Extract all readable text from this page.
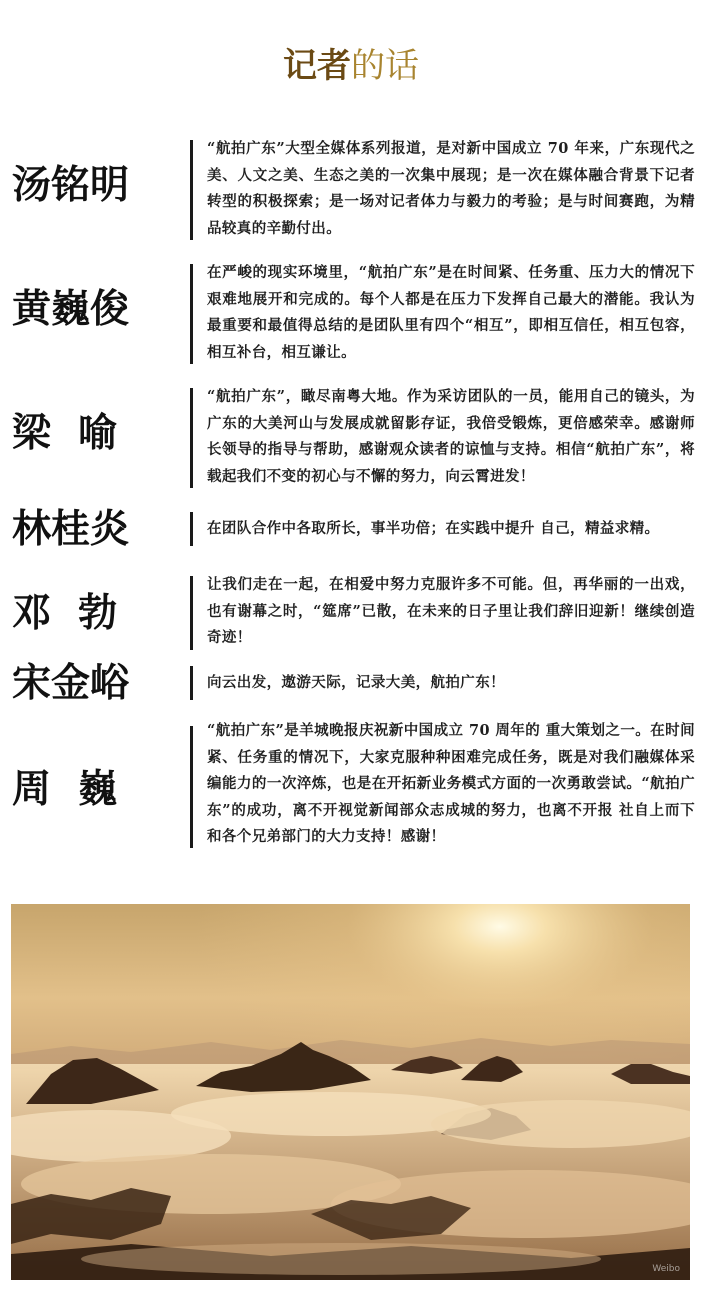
记者的话
汤铭明
“航拍广东”大型全媒体系列报道，是对新中国成立 70 年来，广东现代之美、人文之美、生态之美的一次集中展现；是一次在媒体融合背景下记者转型的积极探索；是一场对记者体力与毅力的考验；是与时间赛跑，为精品较真的辛勤付出。
黄巍俊
在严峻的现实环境里，“航拍广东”是在时间紧、任务重、压力大的情况下艰难地展开和完成的。每个人都是在压力下发挥自己最大的潜能。我认为最重要和最值得总结的是团队里有四个“相互”，即相互信任，相互包容， 相互补台，相互谦让。
梁  喻
“航拍广东”，瞰尽南粤大地。作为采访团队的一员，能用自己的镜头，为广东的大美河山与发展成就留影存证，我倍受锻炼，更倍感荣幸。感谢师长领导的指导与帮助，感谢观众读者的谅恤与支持。相信“航拍广东”，将载起我们不变的初心与不懈的努力，向云霄进发！
林桂炎	在团队合作中各取所长，事半功倍；在实践中提升 自己，精益求精。
邓  勃
让我们走在一起，在相爱中努力克服许多不可能。但，再华丽的一出戏，也有谢幕之时，“筵席”已散，在未来的日子里让我们辞旧迎新！继续创造奇迹！
宋金峪	向云出发，遨游天际，记录大美，航拍广东！
周  巍
“航拍广东”是羊城晚报庆祝新中国成立 70 周年的 重大策划之一。在时间紧、任务重的情况下，大家克服种种困难完成任务，既是对我们融媒体采编能力的一次淬炼，也是在开拓新业务模式方面的一次勇敢尝试。“航拍广东”的成功，离不开视觉新闻部众志成城的努力，也离不开报 社自上而下和各个兄弟部门的大力支持！感谢！
Weibo
